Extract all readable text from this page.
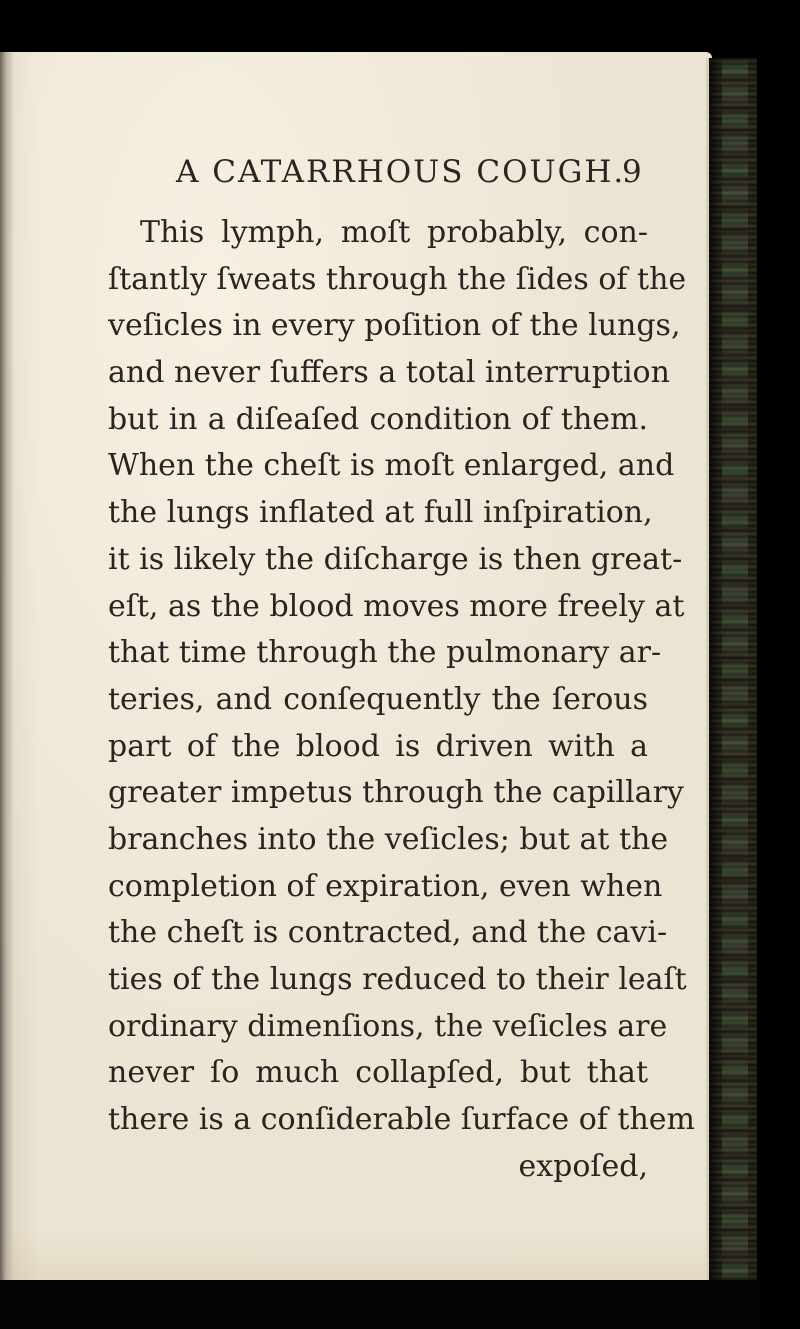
A CATARRHOUS COUGH.
9
This lymph, moſt probably, con-
ſtantly ſweats through the ſides of the
veſicles in every poſition of the lungs,
and never ſuffers a total interruption
but in a diſeaſed condition of them.
When the cheſt is moſt enlarged, and
the lungs inflated at full inſpiration,
it is likely the diſcharge is then great-
eſt, as the blood moves more freely at
that time through the pulmonary ar-
teries, and conſequently the ſerous
part of the blood is driven with a
greater impetus through the capillary
branches into the veſicles; but at the
completion of expiration, even when
the cheſt is contracted, and the cavi-
ties of the lungs reduced to their leaſt
ordinary dimenſions, the veſicles are
never ſo much collapſed, but that
there is a conſiderable ſurface of them
expoſed,
